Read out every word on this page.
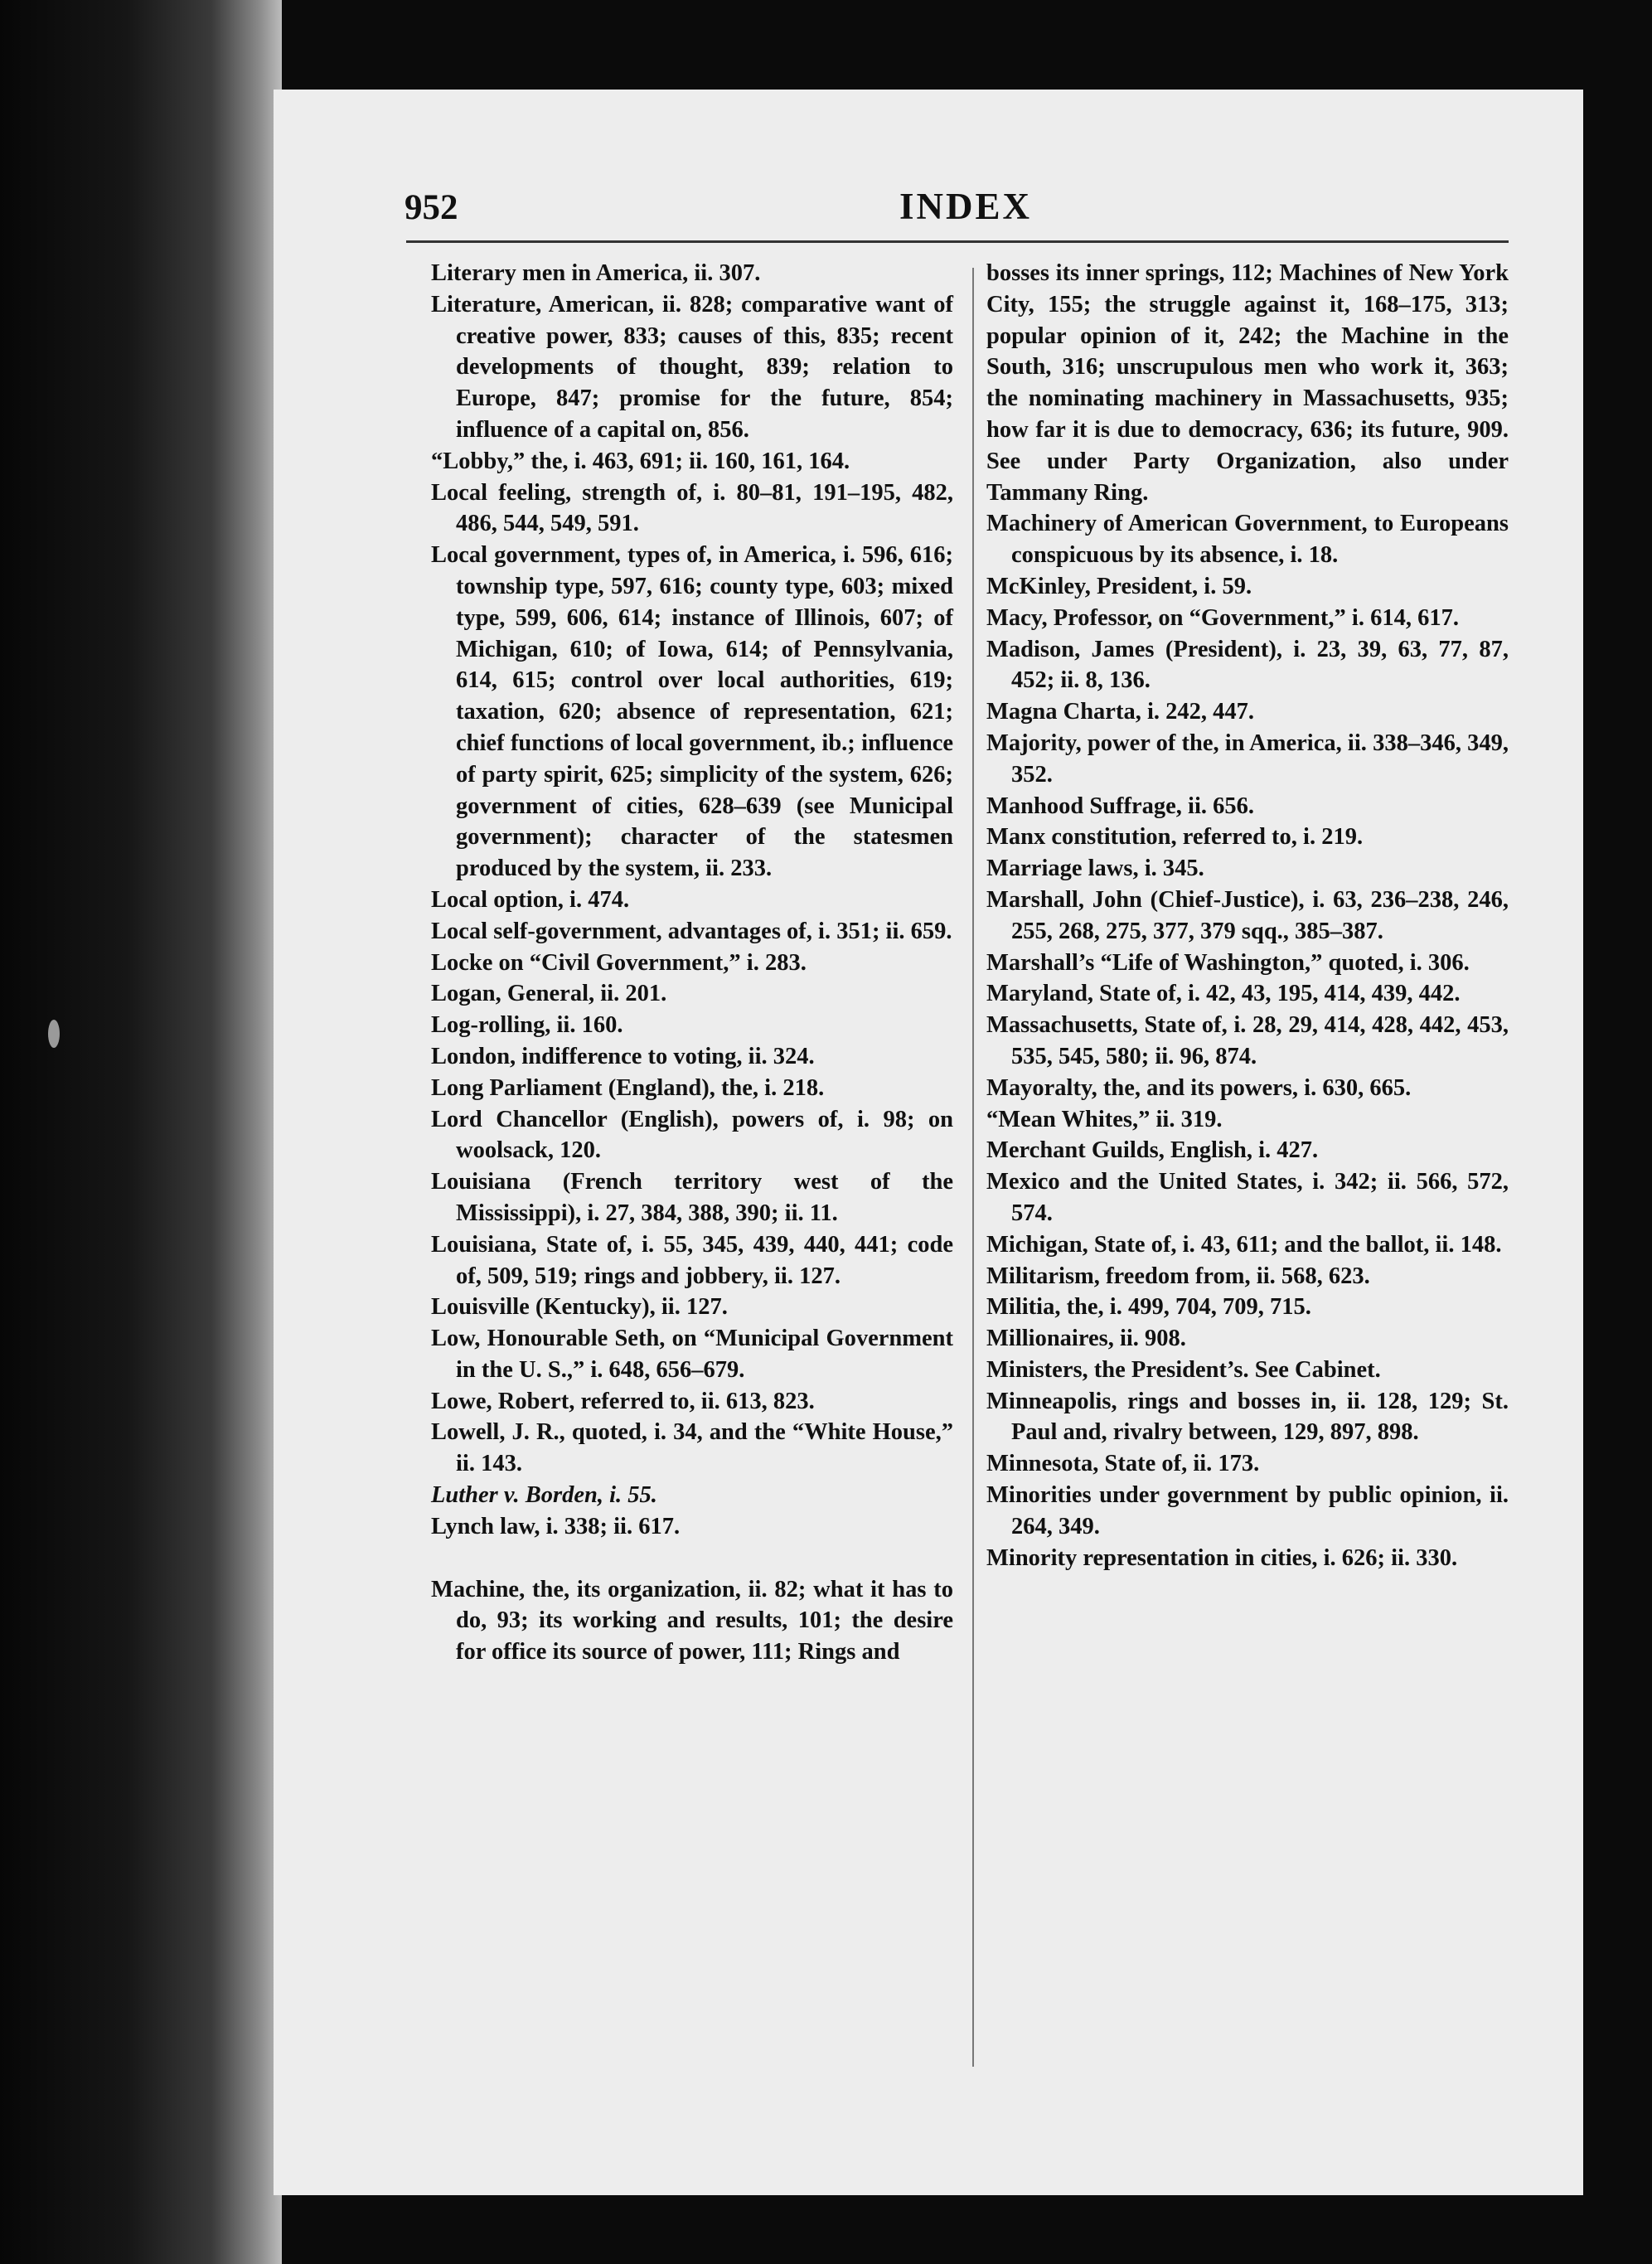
952	INDEX

Literary men in America, ii. 307.

Literature, American, ii. 828; comparative want of creative power, 833; causes of this, 835; recent developments of thought, 839; relation to Europe, 847; promise for the future, 854; influence of a capital on, 856.

“Lobby,” the, i. 463, 691; ii. 160, 161, 164.

Local feeling, strength of, i. 80–81, 191–195, 482, 486, 544, 549, 591.

Local government, types of, in America, i. 596, 616; township type, 597, 616; county type, 603; mixed type, 599, 606, 614; instance of Illinois, 607; of Michigan, 610; of Iowa, 614; of Pennsylvania, 614, 615; control over local authorities, 619; taxation, 620; absence of representation, 621; chief functions of local government, ib.; influence of party spirit, 625; simplicity of the system, 626; government of cities, 628–639 (see Municipal government); character of the statesmen produced by the system, ii. 233.

Local option, i. 474.

Local self-government, advantages of, i. 351; ii. 659.

Locke on “Civil Government,” i. 283.

Logan, General, ii. 201.

Log-rolling, ii. 160.

London, indifference to voting, ii. 324.

Long Parliament (England), the, i. 218.

Lord Chancellor (English), powers of, i. 98; on woolsack, 120.

Louisiana (French territory west of the Mississippi), i. 27, 384, 388, 390; ii. 11.

Louisiana, State of, i. 55, 345, 439, 440, 441; code of, 509, 519; rings and jobbery, ii. 127.

Louisville (Kentucky), ii. 127.

Low, Honourable Seth, on “Municipal Government in the U. S.,” i. 648, 656–679.

Lowe, Robert, referred to, ii. 613, 823.

Lowell, J. R., quoted, i. 34, and the “White House,” ii. 143.

Luther v. Borden, i. 55.

Lynch law, i. 338; ii. 617.

Machine, the, its organization, ii. 82; what it has to do, 93; its working and results, 101; the desire for office its source of power, 111; Rings and

bosses its inner springs, 112; Machines of New York City, 155; the struggle against it, 168–175, 313; popular opinion of it, 242; the Machine in the South, 316; unscrupulous men who work it, 363; the nominating machinery in Massachusetts, 935; how far it is due to democracy, 636; its future, 909. See under Party Organization, also under Tammany Ring.

Machinery of American Government, to Europeans conspicuous by its absence, i. 18.

McKinley, President, i. 59.

Macy, Professor, on “Government,” i. 614, 617.

Madison, James (President), i. 23, 39, 63, 77, 87, 452; ii. 8, 136.

Magna Charta, i. 242, 447.

Majority, power of the, in America, ii. 338–346, 349, 352.

Manhood Suffrage, ii. 656.

Manx constitution, referred to, i. 219.

Marriage laws, i. 345.

Marshall, John (Chief-Justice), i. 63, 236–238, 246, 255, 268, 275, 377, 379 sqq., 385–387.

Marshall’s “Life of Washington,” quoted, i. 306.

Maryland, State of, i. 42, 43, 195, 414, 439, 442.

Massachusetts, State of, i. 28, 29, 414, 428, 442, 453, 535, 545, 580; ii. 96, 874.

Mayoralty, the, and its powers, i. 630, 665.

“Mean Whites,” ii. 319.

Merchant Guilds, English, i. 427.

Mexico and the United States, i. 342; ii. 566, 572, 574.

Michigan, State of, i. 43, 611; and the ballot, ii. 148.

Militarism, freedom from, ii. 568, 623.

Militia, the, i. 499, 704, 709, 715.

Millionaires, ii. 908.

Ministers, the President’s. See Cabinet.

Minneapolis, rings and bosses in, ii. 128, 129; St. Paul and, rivalry between, 129, 897, 898.

Minnesota, State of, ii. 173.

Minorities under government by public opinion, ii. 264, 349.

Minority representation in cities, i. 626; ii. 330.
